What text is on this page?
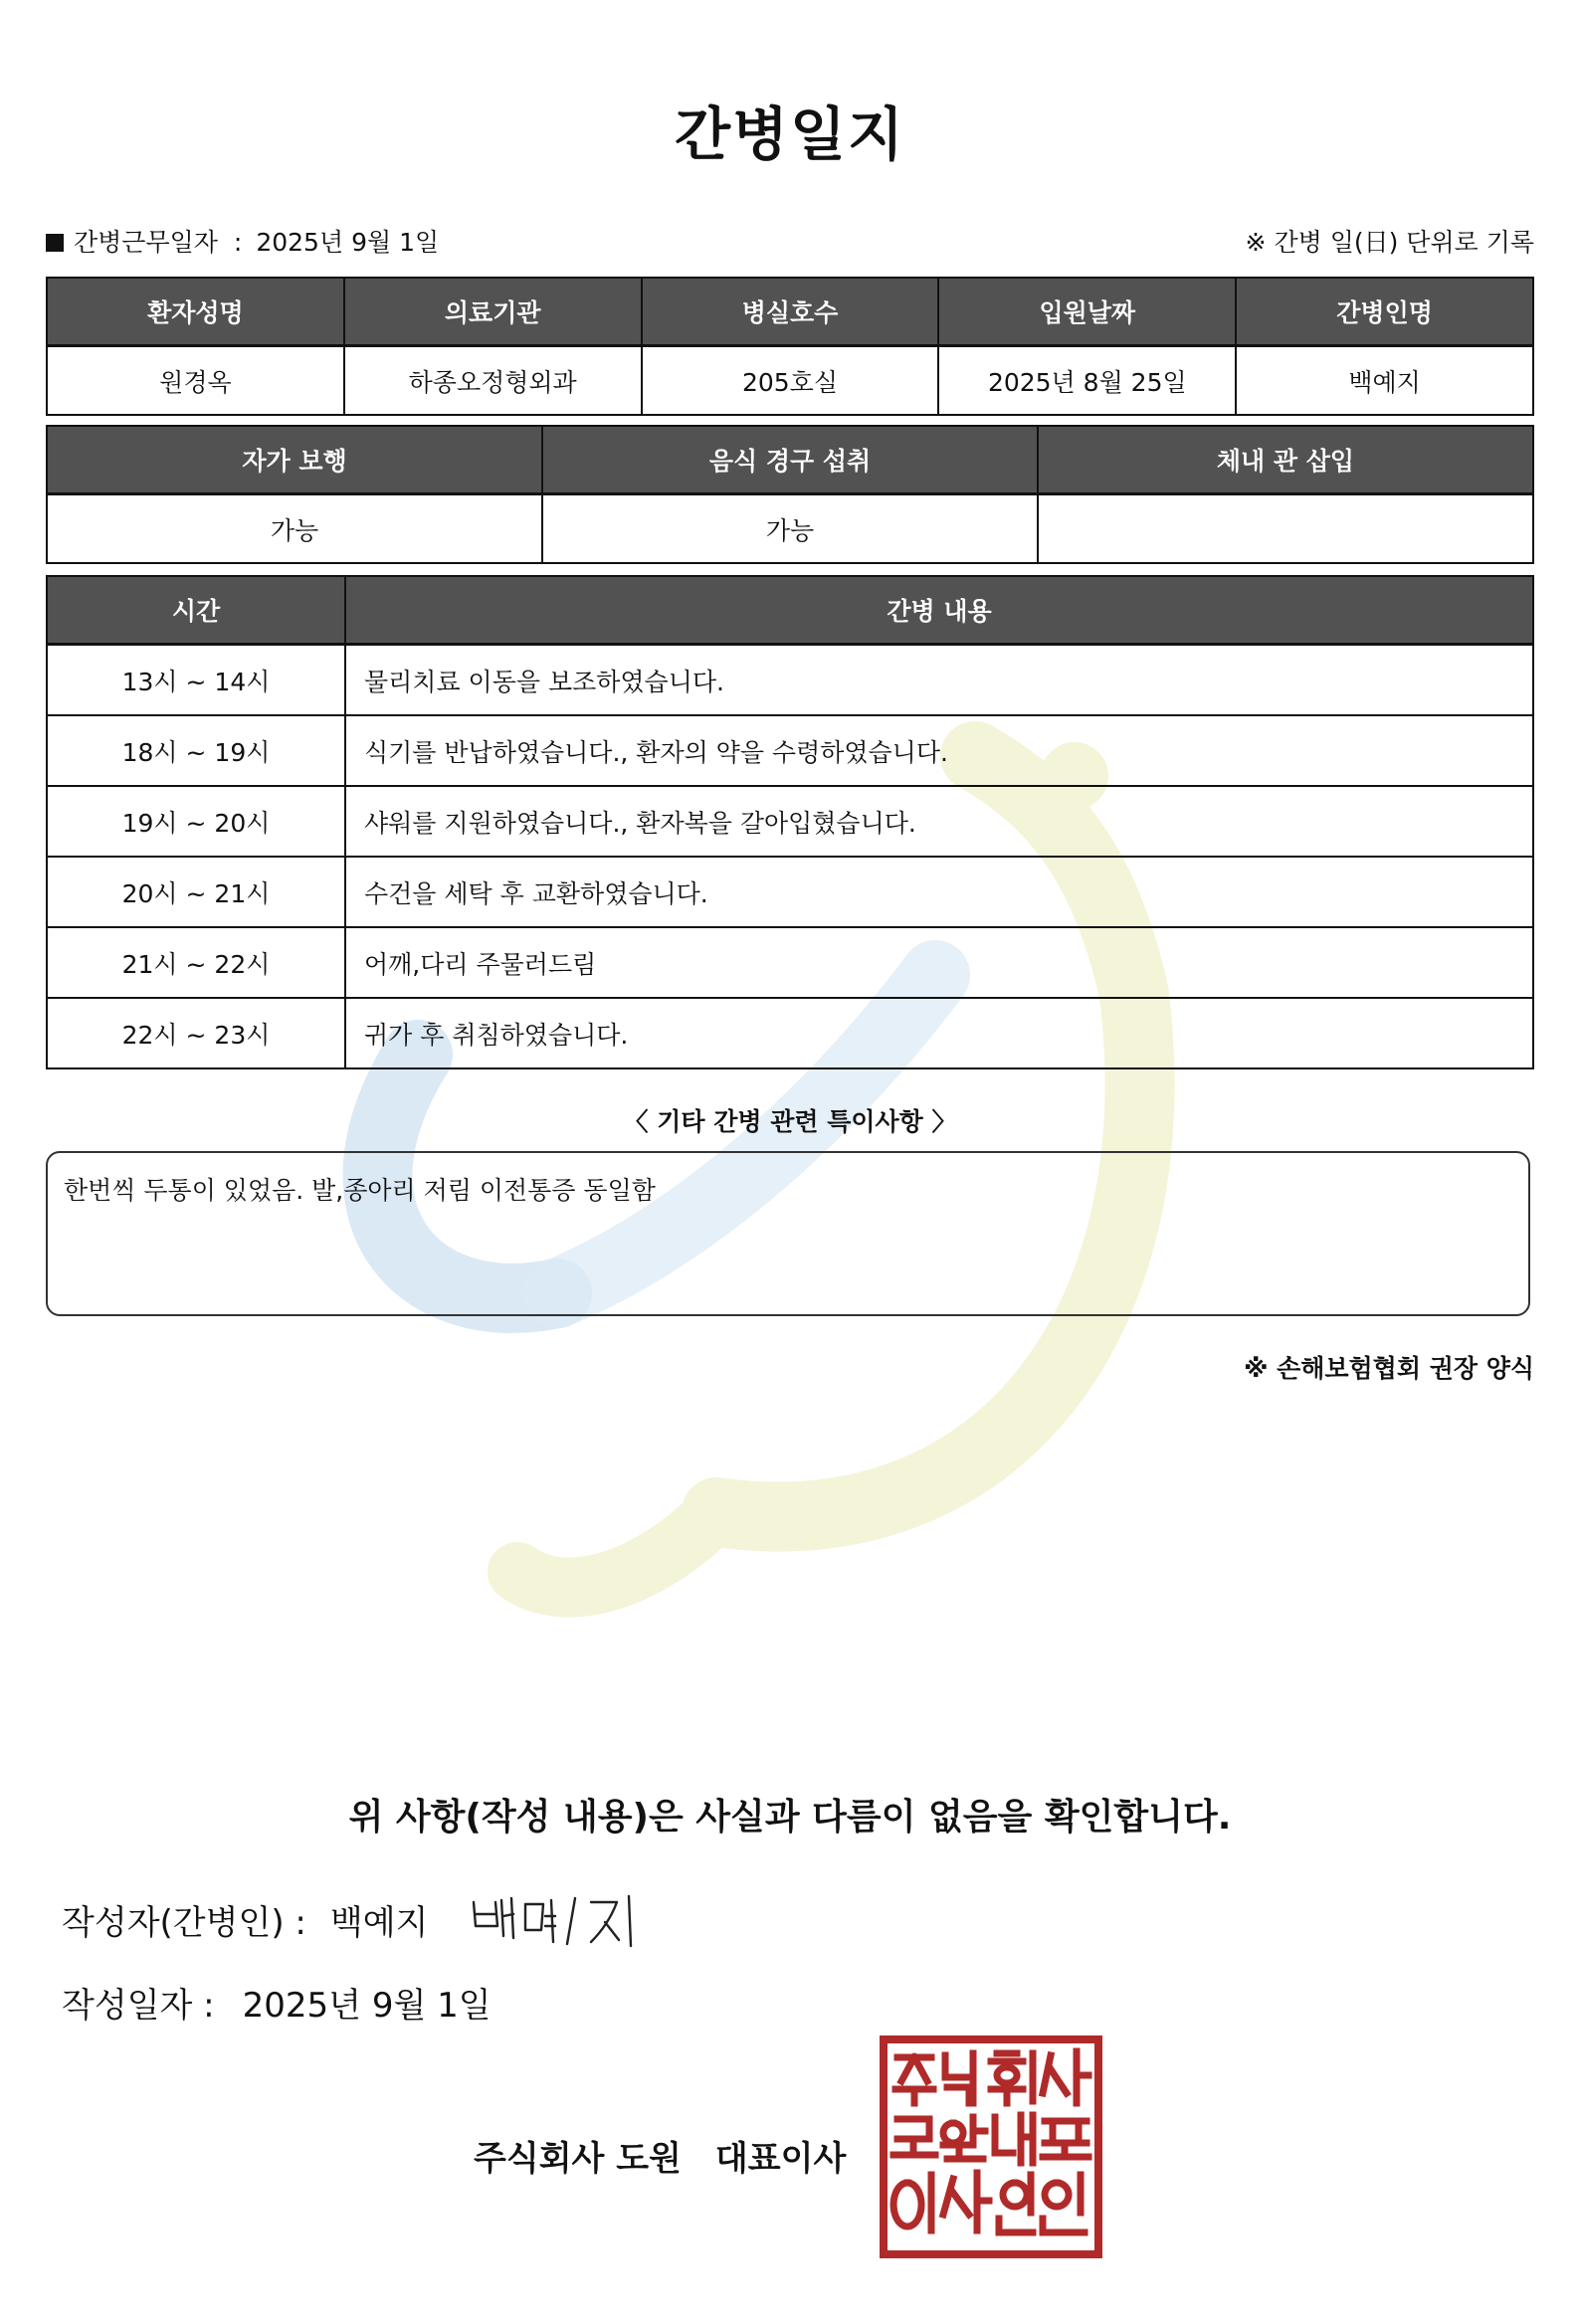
간병일지
간병근무일자 : 2025년 9월 1일	※ 간병 일(日) 단위로 기록
환자성명	의료기관	병실호수	입원날짜	간병인명
원경옥	하종오정형외과	205호실	2025년 8월 25일	백예지
자가 보행	음식 경구 섭취	체내 관 삽입
가능	가능	
시간	간병 내용
13시 ~ 14시	물리치료 이동을 보조하였습니다.
18시 ~ 19시	식기를 반납하였습니다., 환자의 약을 수령하였습니다.
19시 ~ 20시	샤워를 지원하였습니다., 환자복을 갈아입혔습니다.
20시 ~ 21시	수건을 세탁 후 교환하였습니다.
21시 ~ 22시	어깨,다리 주물러드림
22시 ~ 23시	귀가 후 취침하였습니다.
〈 기타 간병 관련 특이사항 〉
한번씩 두통이 있었음. 발,종아리 저림 이전통증 동일함
※ 손해보험협회 권장 양식
위 사항(작성 내용)은 사실과 다름이 없음을 확인합니다.
작성자(간병인) : 백예지
작성일자 : 2025년 9월 1일
주식회사 도원 대표이사
